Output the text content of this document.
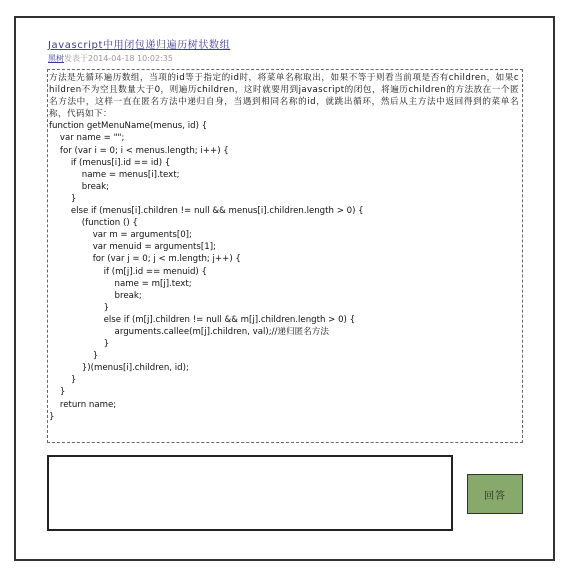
Javascript中用闭包递归遍历树状数组
黑树发表于2014-04-18 10:02:35
方法是先循环遍历数组，当项的id等于指定的id时，将菜单名称取出，如果不等于则看当前项是否有children，如果children不为空且数量大于0，则遍历children，这时就要用到javascript的闭包，将遍历children的方法放在一个匿名方法中，这样一直在匿名方法中递归自身，当遇到相同名称的id，就跳出循环，然后从主方法中返回得到的菜单名称，代码如下：
function getMenuName(menus, id) {
var name = "";
for (var i = 0; i < menus.length; i++) {
if (menus[i].id == id) {
name = menus[i].text;
break;
}
else if (menus[i].children != null && menus[i].children.length > 0) {
(function () {
var m = arguments[0];
var menuid = arguments[1];
for (var j = 0; j < m.length; j++) {
if (m[j].id == menuid) {
name = m[j].text;
break;
}
else if (m[j].children != null && m[j].children.length > 0) {
arguments.callee(m[j].children, val);//递归匿名方法
}
}
})(menus[i].children, id);
}
}
return name;
}
回答
